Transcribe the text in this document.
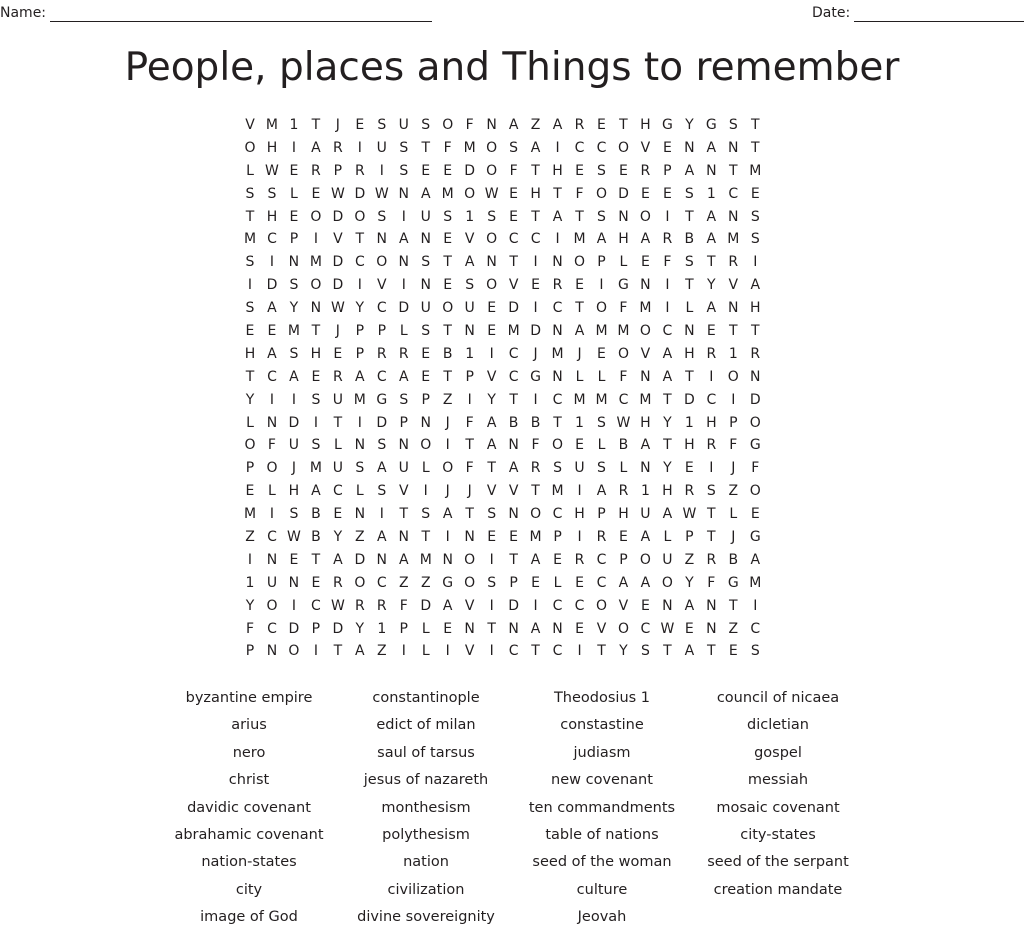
Name:	Date:
People, places and Things to remember
V M 1 T	J	E S U S O F N A Z A R E T H G Y G S T
O H	I	A R	I	U S T F M O S A	I	C C O V E N A N T
L W E R P R	I	S E E D O F T H E S E R P A N T M
S S L E W D W N A M O W E H T F O D E E S 1 C E
T H E O D O S	I	U S 1 S E T A T S N O	I	T A N S
M C P	I	V T N A N E V O C C	I M A H A R B A M S
S	I	N M D C O N S T A N T	I	N O P L E F S T R	I
I	D S O D	I	V	I	N E S O V E R E	I	G N	I	T Y V A
S A Y N W Y C D U O U E D	I	C T O F M I	L A N H
E E M T	J	P P L S T N E M D N A M M O C N E T T
H A S H E P R R E B 1	I	C	J M J	E O V A H R 1 R
T C A E R A C A E T P V C G N L	L	F N A T	I	O N
Y	I	I	S U M G S P Z	I	Y T	I	C M M C M T D C	I	D
L N D	I	T	I	D P N	J	F A B B T 1 S W H Y 1 H P O
O F U S L N S N O	I	T A N F O E L B A T H R F G
P O	J M U S A U L O F T A R S U S L N Y E	I	J	F
E L H A C L S V	I	J	J	V V T M I	A R 1 H R S Z O
M I	S B E N	I	T S A T S N O C H P H U A W T L E
Z C W B Y Z A N T	I	N E E M P	I	R E A L P T	J	G
I	N E T A D N A M N O	I	T A E R C P O U Z R B A
1 U N E R O C Z Z G O S P E L E C A A O Y F G M
Y O	I	C W R R F D A V	I	D	I	C C O V E N A N T	I
F C D P D Y 1 P L E N T N A N E V O C W E N Z C
P N O	I	T A Z	I	L	I	V	I	C T C	I	T Y S T A T E S
byzantine empire	constantinople	Theodosius 1	council of nicaea
arius	edict of milan	constastine	dicletian
nero	saul of tarsus	judiasm	gospel
christ	jesus of nazareth	new covenant	messiah
davidic covenant	monthesism	ten commandments	mosaic covenant
abrahamic covenant	polythesism	table of nations	city-states
nation-states	nation	seed of the woman	seed of the serpant
city	civilization	culture	creation mandate
image of God	divine sovereignity	Jeovah
